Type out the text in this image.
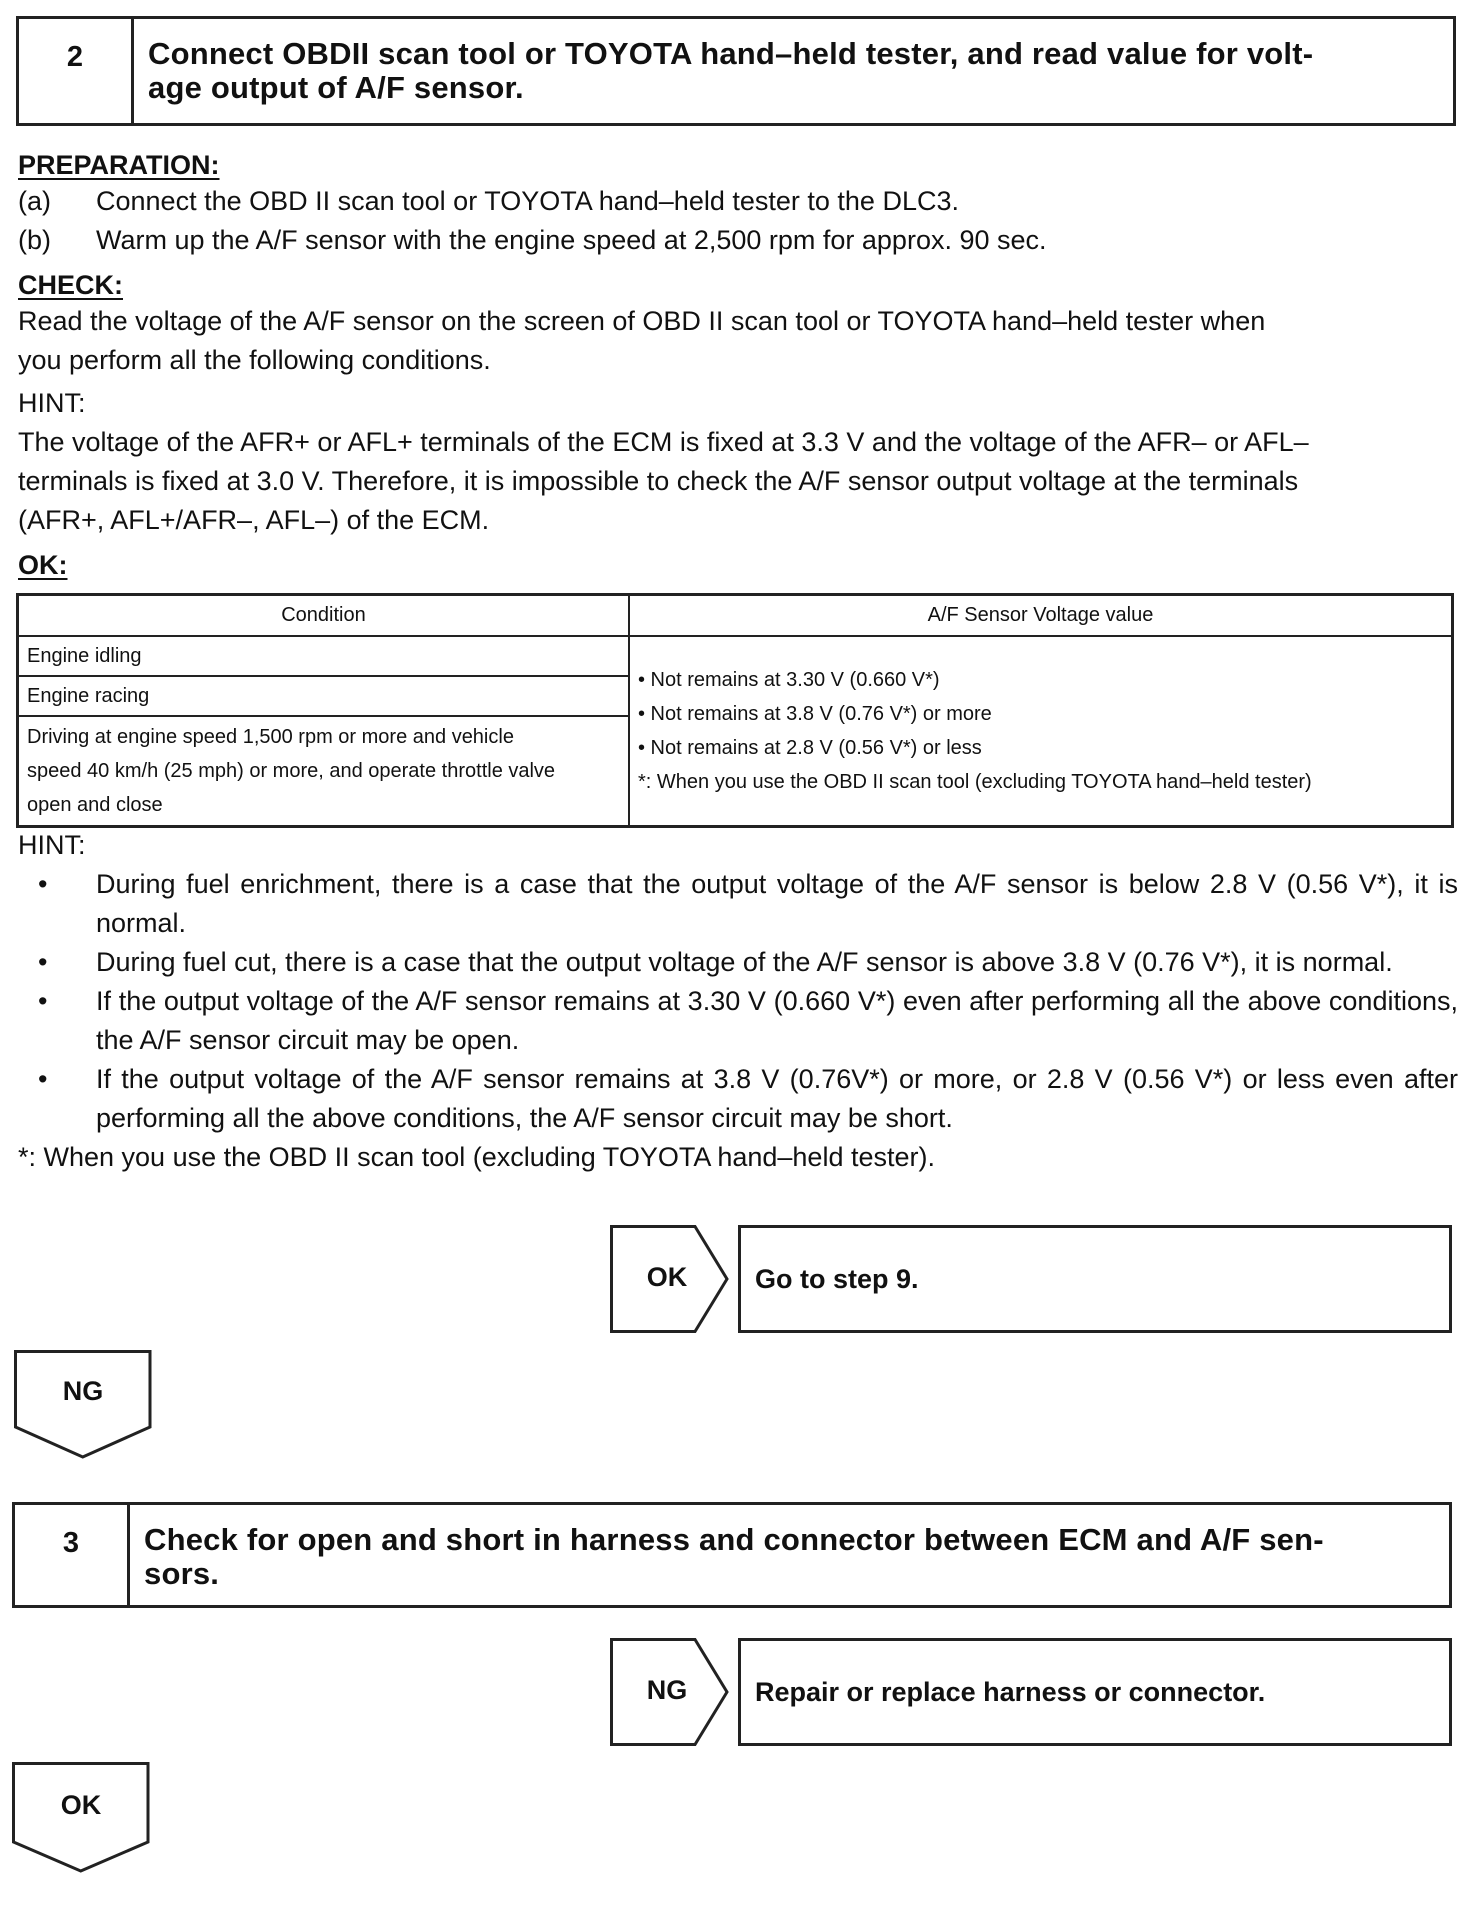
2	Connect OBDII scan tool or TOYOTA hand–held tester, and read value for volt-
age output of A/F sensor.
PREPARATION:
(a)	Connect the OBD II scan tool or TOYOTA hand–held tester to the DLC3.
(b)	Warm up the A/F sensor with the engine speed at 2,500 rpm for approx. 90 sec.
CHECK:
Read the voltage of the A/F sensor on the screen of OBD II scan tool or TOYOTA hand–held tester when
you perform all the following conditions.
HINT:
The voltage of the AFR+ or AFL+ terminals of the ECM is fixed at 3.3 V and the voltage of the AFR– or AFL–
terminals is fixed at 3.0 V. Therefore, it is impossible to check the A/F sensor output voltage at the terminals
(AFR+, AFL+/AFR–, AFL–) of the ECM.
OK:
Condition	A/F Sensor Voltage value
Engine idling	• Not remains at 3.30 V (0.660 V*)
• Not remains at 3.8 V (0.76 V*) or more
• Not remains at 2.8 V (0.56 V*) or less
*: When you use the OBD II scan tool (excluding TOYOTA hand–held tester)

Engine racing	

Driving at engine speed 1,500 rpm or more and vehicle
speed 40 km/h (25 mph) or more, and operate throttle valve
open and close	
HINT:
•	During fuel enrichment, there is a case that the output voltage of the A/F sensor is below 2.8 V (0.56 V*), it is normal.
•	During fuel cut, there is a case that the output voltage of the A/F sensor is above 3.8 V (0.76 V*), it is normal.
•	If the output voltage of the A/F sensor remains at 3.30 V (0.660 V*) even after performing all the above conditions, the A/F sensor circuit may be open.
•	If the output voltage of the A/F sensor remains at 3.8 V (0.76V*) or more, or 2.8 V (0.56 V*) or less even after performing all the above conditions, the A/F sensor circuit may be short.
*: When you use the OBD II scan tool (excluding TOYOTA hand–held tester).
OK	Go to step 9.
NG
3	Check for open and short in harness and connector between ECM and A/F sen-
sors.
NG	Repair or replace harness or connector.
OK
